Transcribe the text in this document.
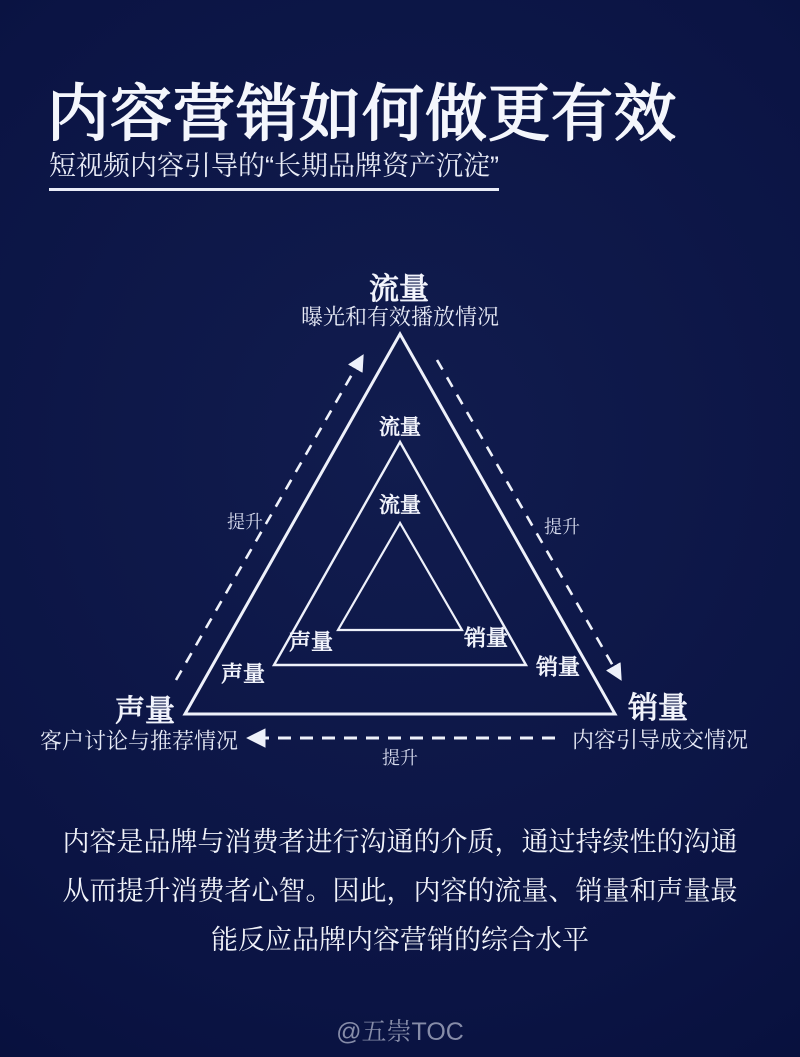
内容营销如何做更有效
短视频内容引导的“长期品牌资产沉淀”
流量
曝光和有效播放情况
流量
流量
声量
声量
销量
销量
提升	提升
提升
声量
客户讨论与推荐情况
销量
内容引导成交情况
内容是品牌与消费者进行沟通的介质，通过持续性的沟通
从而提升消费者心智。因此，内容的流量、销量和声量最
能反应品牌内容营销的综合水平
@五崇TOC
